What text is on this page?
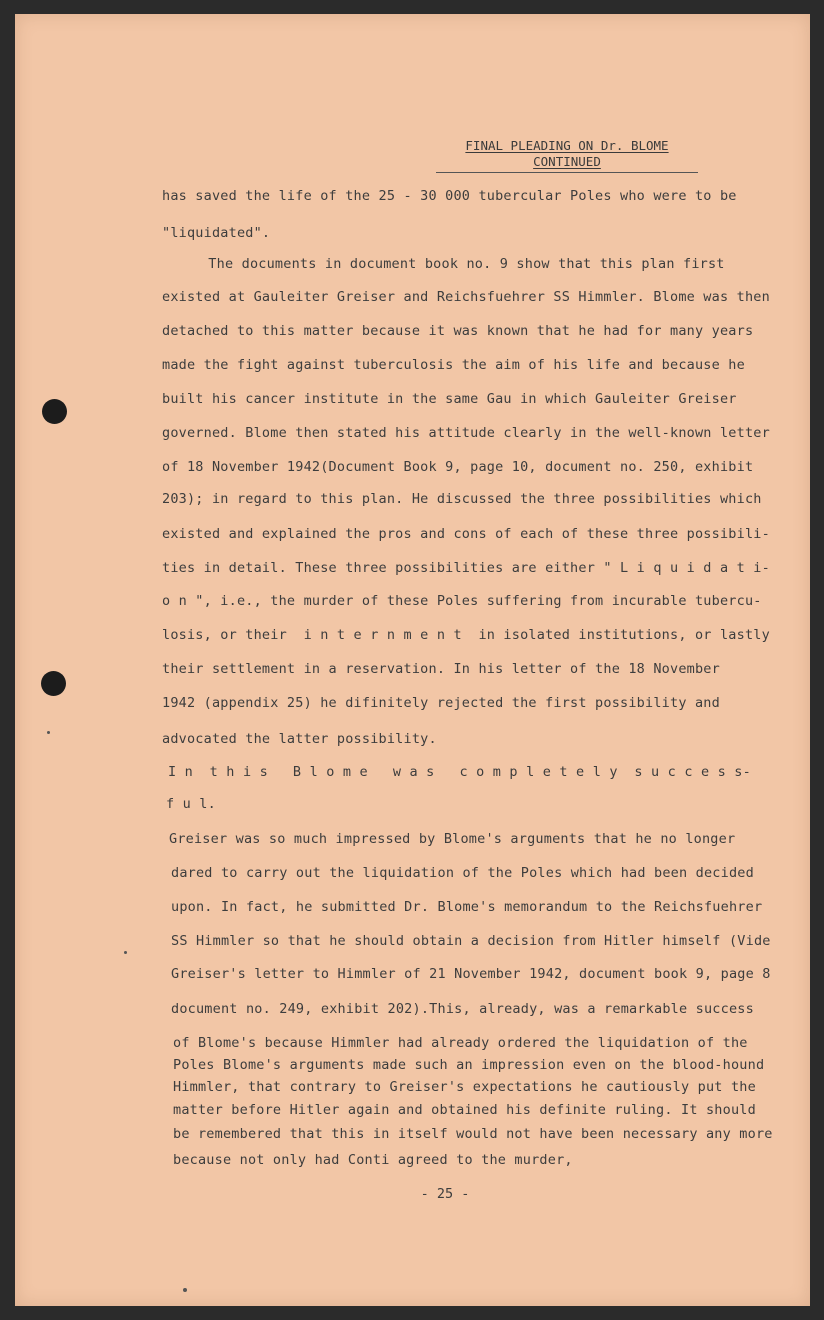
FINAL PLEADING ON Dr. BLOME
CONTINUED
has saved the life of the 25 - 30 000 tubercular Poles who were to be
"liquidated".
The documents in document book no. 9 show that this plan first
existed at Gauleiter Greiser and Reichsfuehrer SS Himmler. Blome was then
detached to this matter because it was known that he had for many years
made the fight against tuberculosis the aim of his life and because he
built his cancer institute in the same Gau in which Gauleiter Greiser
governed. Blome then stated his attitude clearly in the well-known letter
of 18 November 1942(Document Book 9, page 10, document no. 250, exhibit
203); in regard to this plan. He discussed the three possibilities which
existed and explained the pros and cons of each of these three possibili-
ties in detail. These three possibilities are either " L i q u i d a t i-
o n ", i.e., the murder of these Poles suffering from incurable tubercu-
losis, or their  i n t e r n m e n t  in isolated institutions, or lastly
their settlement in a reservation. In his letter of the 18 November
1942 (appendix 25) he difinitely rejected the first possibility and
advocated the latter possibility.
I n  t h i s   B l o m e   w a s   c o m p l e t e l y  s u c c e s s-
f u l.
Greiser was so much impressed by Blome's arguments that he no longer
dared to carry out the liquidation of the Poles which had been decided
upon. In fact, he submitted Dr. Blome's memorandum to the Reichsfuehrer
SS Himmler so that he should obtain a decision from Hitler himself (Vide
Greiser's letter to Himmler of 21 November 1942, document book 9, page 8
document no. 249, exhibit 202).This, already, was a remarkable success
of Blome's because Himmler had already ordered the liquidation of the
Poles Blome's arguments made such an impression even on the blood-hound
Himmler, that contrary to Greiser's expectations he cautiously put the
matter before Hitler again and obtained his definite ruling. It should
be remembered that this in itself would not have been necessary any more
because not only had Conti agreed to the murder,
- 25 -
